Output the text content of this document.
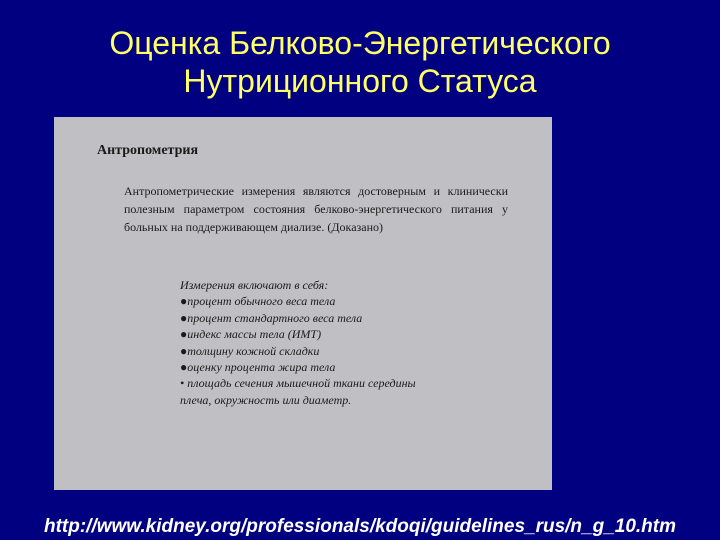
Оценка Белково-Энергетического
Нутриционного Статуса
Антропометрия
Антропометрические измерения являются достоверным и клинически полезным параметром состояния белково-энергетического питания у больных на поддерживающем диализе. (Доказано)
Измерения включают в себя:
●процент обычного веса тела
●процент стандартного веса тела
●индекс массы тела (ИМТ)
●толщину кожной складки
●оценку процента жира тела
• площадь сечения мышечной ткани середины
плеча, окружность или диаметр.
http://www.kidney.org/professionals/kdoqi/guidelines_rus/n_g_10.htm
